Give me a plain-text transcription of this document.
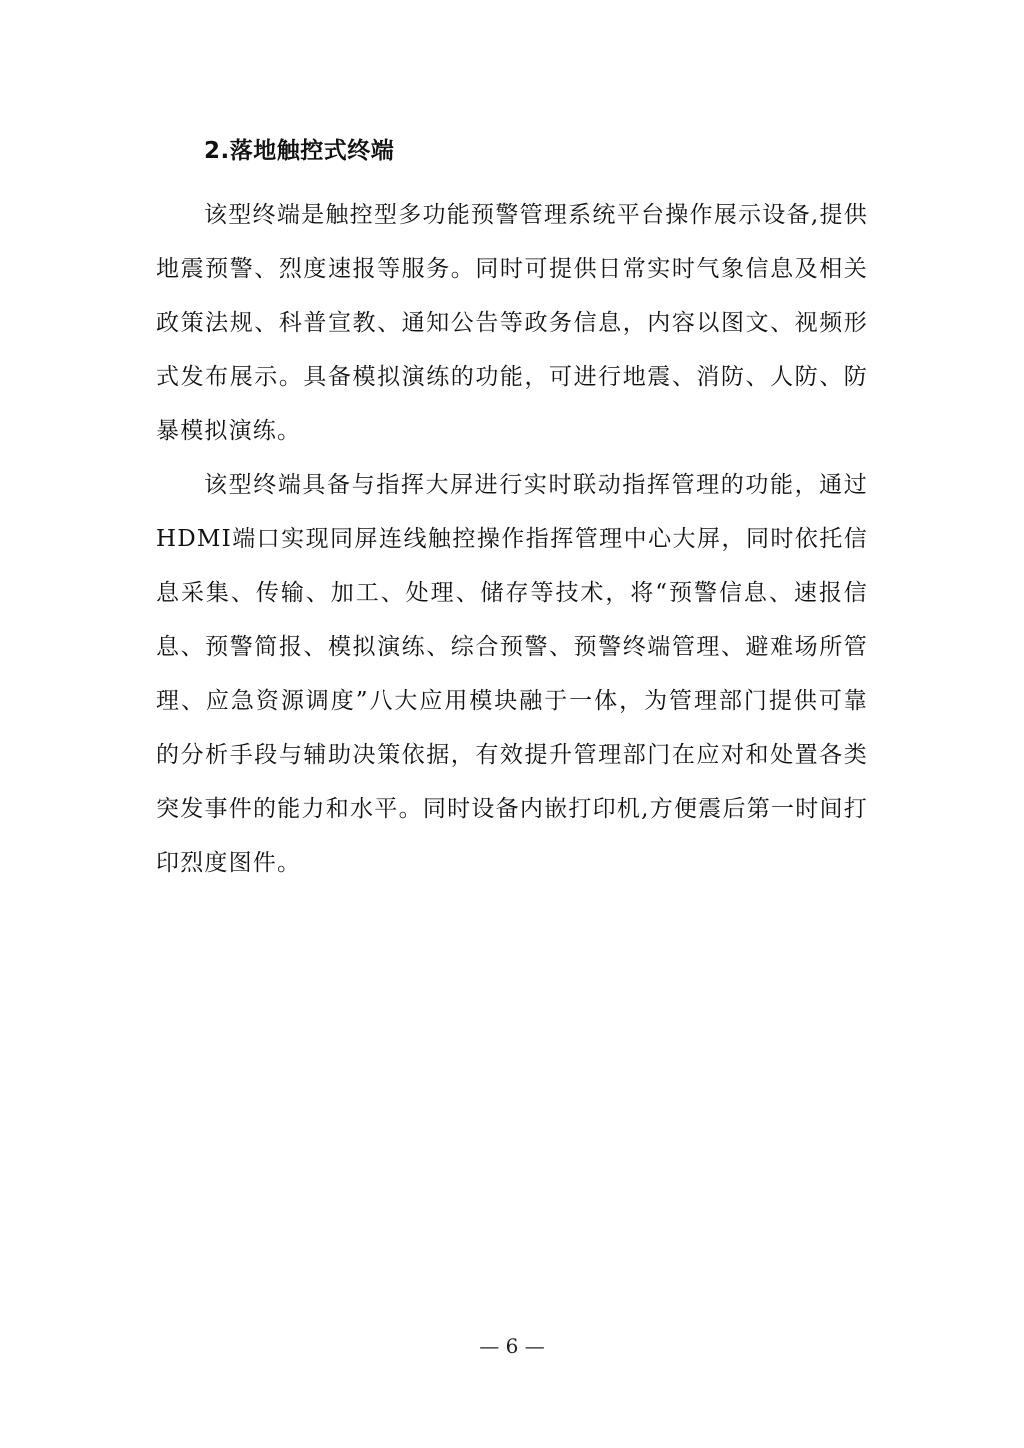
2.落地触控式终端

该型终端是触控型多功能预警管理系统平台操作展示设备,提供地震预警、烈度速报等服务。同时可提供日常实时气象信息及相关政策法规、科普宣教、通知公告等政务信息，内容以图文、视频形式发布展示。具备模拟演练的功能，可进行地震、消防、人防、防暴模拟演练。

该型终端具备与指挥大屏进行实时联动指挥管理的功能，通过HDMI端口实现同屏连线触控操作指挥管理中心大屏，同时依托信息采集、传输、加工、处理、储存等技术，将“预警信息、速报信息、预警简报、模拟演练、综合预警、预警终端管理、避难场所管理、应急资源调度”八大应用模块融于一体，为管理部门提供可靠的分析手段与辅助决策依据，有效提升管理部门在应对和处置各类突发事件的能力和水平。同时设备内嵌打印机,方便震后第一时间打印烈度图件。

— 6 —
